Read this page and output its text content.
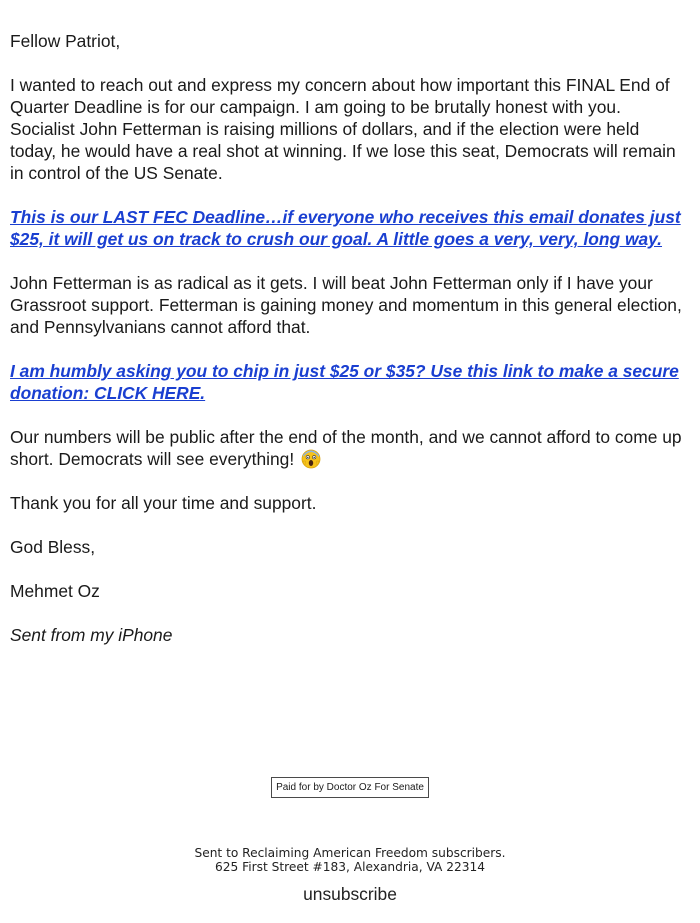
Fellow Patriot,

I wanted to reach out and express my concern about how important this FINAL End of Quarter Deadline is for our campaign. I am going to be brutally honest with you. Socialist John Fetterman is raising millions of dollars, and if the election were held today, he would have a real shot at winning. If we lose this seat, Democrats will remain in control of the US Senate.

This is our LAST FEC Deadline…if everyone who receives this email donates just $25, it will get us on track to crush our goal. A little goes a very, very, long way.

John Fetterman is as radical as it gets. I will beat John Fetterman only if I have your Grassroot support. Fetterman is gaining money and momentum in this general election, and Pennsylvanians cannot afford that.

I am humbly asking you to chip in just $25 or $35? Use this link to make a secure donation: CLICK HERE.

Our numbers will be public after the end of the month, and we cannot afford to come up short. Democrats will see everything!

Thank you for all your time and support.

God Bless,

Mehmet Oz

Sent from my iPhone

Paid for by Doctor Oz For Senate
Sent to Reclaiming American Freedom subscribers.
625 First Street #183, Alexandria, VA 22314
unsubscribe
